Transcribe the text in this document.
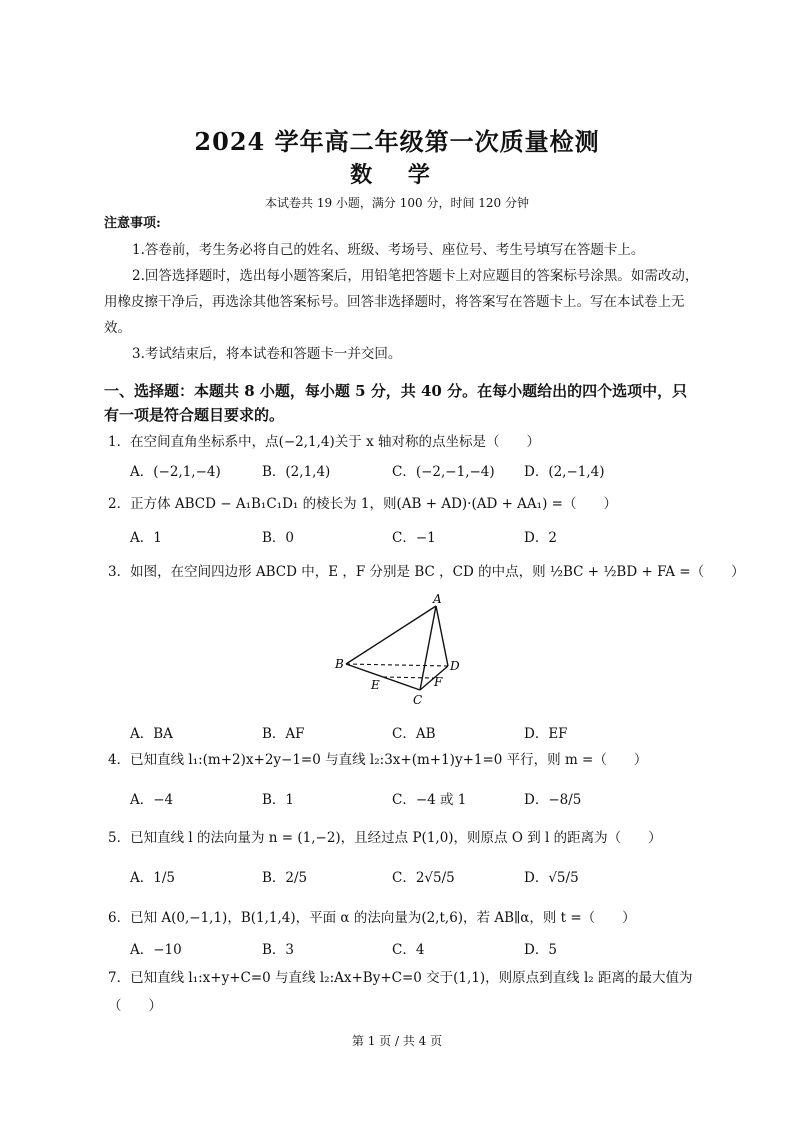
2024 学年高二年级第一次质量检测
数 学
本试卷共 19 小题，满分 100 分，时间 120 分钟
注意事项:
1.答卷前，考生务必将自己的姓名、班级、考场号、座位号、考生号填写在答题卡上。
2.回答选择题时，选出每小题答案后，用铅笔把答题卡上对应题目的答案标号涂黑。如需改动，
用橡皮擦干净后，再选涂其他答案标号。回答非选择题时，将答案写在答题卡上。写在本试卷上无
效。
3.考试结束后，将本试卷和答题卡一并交回。
一、选择题：本题共 8 小题，每小题 5 分，共 40 分。在每小题给出的四个选项中，只
有一项是符合题目要求的。
1．在空间直角坐标系中，点(−2,1,4)关于 x 轴对称的点坐标是（　　）
A．(−2,1,−4)	B．(2,1,4)	C．(−2,−1,−4) D．(2,−1,4)
2．正方体 ABCD − A₁B₁C₁D₁ 的棱长为 1，则(AB + AD)·(AD + AA₁) =（　　）
A．1	B．0	C．−1	D．2
3．如图，在空间四边形 ABCD 中，E ，F 分别是 BC ，CD 的中点，则 ½BC + ½BD + FA =（　　）
A
B
C
D
E	F
A．BA	B．AF	C．AB	D．EF
4．已知直线 l₁:(m+2)x+2y−1=0 与直线 l₂:3x+(m+1)y+1=0 平行，则 m =（　　）
A．−4	B．1	C．−4 或 1	D．−8/5
5．已知直线 l 的法向量为 n = (1,−2)，且经过点 P(1,0)，则原点 O 到 l 的距离为（　　）
A．1/5	B．2/5	C．2√5/5	D．√5/5
6．已知 A(0,−1,1)，B(1,1,4)，平面 α 的法向量为(2,t,6)，若 AB∥α，则 t =（　　）
A．−10	B．3	C．4	D．5
7．已知直线 l₁:x+y+C=0 与直线 l₂:Ax+By+C=0 交于(1,1)，则原点到直线 l₂ 距离的最大值为
（　　）
第 1 页 / 共 4 页
